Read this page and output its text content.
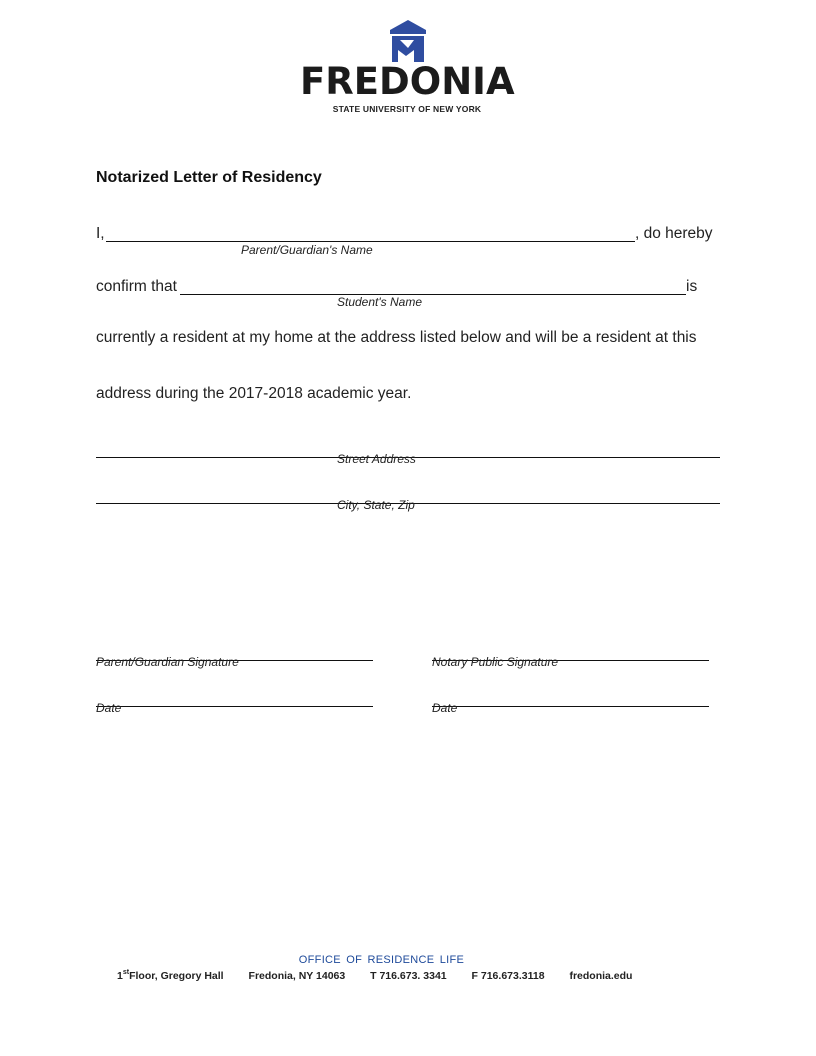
FREDONIA
STATE UNIVERSITY OF NEW YORK
Notarized Letter of Residency
I,	, do hereby
Parent/Guardian's Name
confirm that	is
Student's Name
currently a resident at my home at the address listed below and will be a resident at this
address during the 2017-2018 academic year.
Street Address
City, State, Zip
Parent/Guardian Signature	Notary Public Signature
Date	Date
OFFICE OF RESIDENCE LIFE
1stFloor, Gregory Hall Fredonia, NY 14063 T 716.673. 3341 F 716.673.3118 fredonia.edu
